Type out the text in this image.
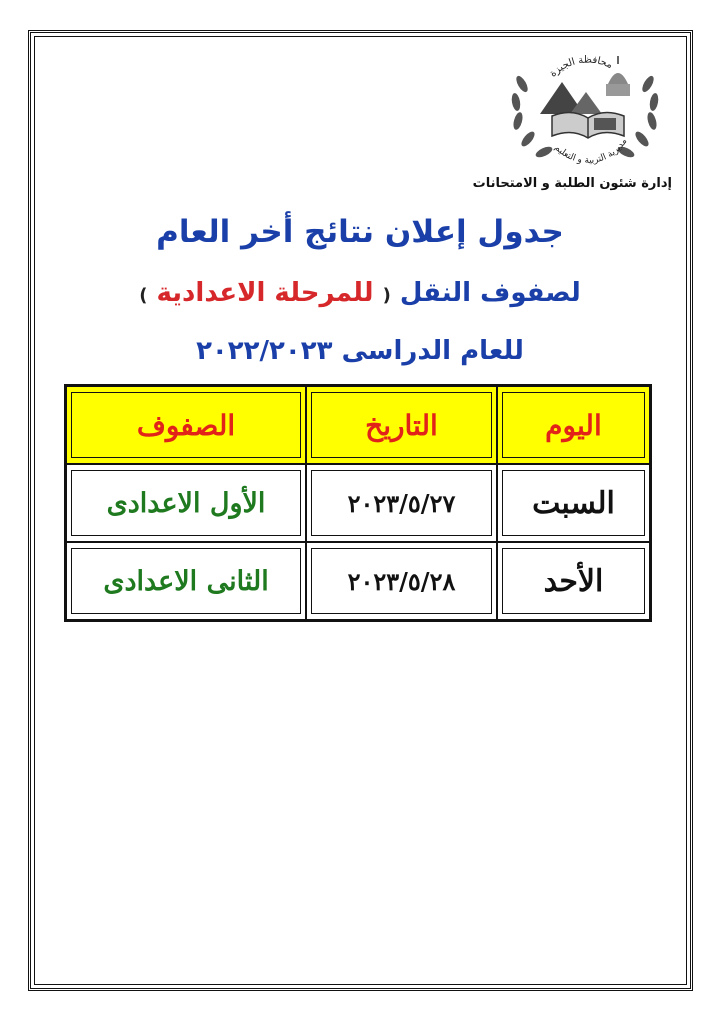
محافظة الجيزة
مديرية التربية و التعليم
إدارة شئون الطلبة و الامتحانات
جدول إعلان نتائج أخر العام
لصفوف النقل ( للمرحلة الاعدادية )
للعام الدراسى ٢٠٢٢/٢٠٢٣
اليوم	التاريخ	الصفوف

السبت	٢٠٢٣/٥/٢٧	الأول الاعدادى

الأحد	٢٠٢٣/٥/٢٨	الثانى الاعدادى
